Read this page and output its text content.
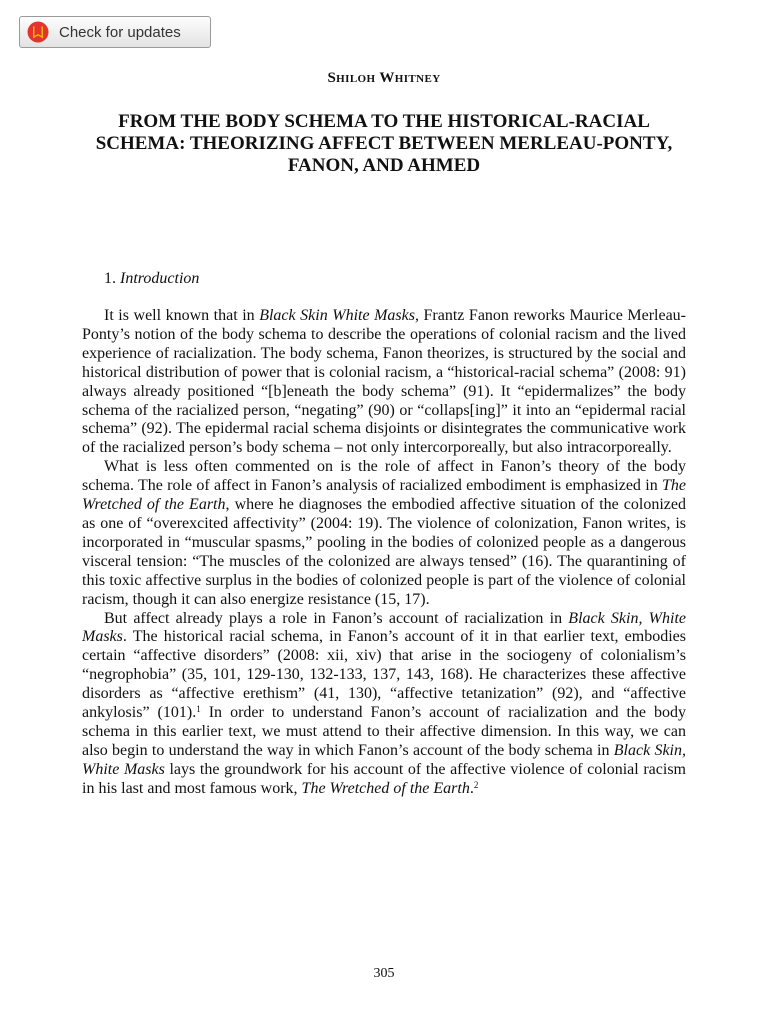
Check for updates
Shiloh Whitney
FROM THE BODY SCHEMA TO THE HISTORICAL-RACIAL SCHEMA: THEORIZING AFFECT BETWEEN MERLEAU-PONTY, FANON, AND AHMED
1. Introduction

It is well known that in Black Skin White Masks, Frantz Fanon reworks Maurice Merleau-Ponty’s notion of the body schema to describe the operations of colonial racism and the lived experience of racialization. The body schema, Fanon theorizes, is structured by the social and historical distribution of power that is colonial racism, a “historical-racial schema” (2008: 91) always already positioned “[b]eneath the body schema” (91). It “epidermalizes” the body schema of the racialized person, “negating” (90) or “collaps[ing]” it into an “epidermal racial schema” (92). The epidermal racial schema disjoints or disintegrates the communicative work of the racialized person’s body schema – not only intercorporeally, but also intracorporeally.

What is less often commented on is the role of affect in Fanon’s theory of the body schema. The role of affect in Fanon’s analysis of racialized embodiment is emphasized in The Wretched of the Earth, where he diagnoses the embodied affective situation of the colonized as one of “overexcited affectivity” (2004: 19). The violence of colonization, Fanon writes, is incorporated in “muscular spasms,” pooling in the bodies of colonized people as a dangerous visceral tension: “The muscles of the colonized are always tensed” (16). The quarantining of this toxic affective surplus in the bodies of colonized people is part of the violence of colonial racism, though it can also energize resistance (15, 17).

But affect already plays a role in Fanon’s account of racialization in Black Skin, White Masks. The historical racial schema, in Fanon’s account of it in that earlier text, embodies certain “affective disorders” (2008: xii, xiv) that arise in the sociogeny of colonialism’s “negrophobia” (35, 101, 129-130, 132-133, 137, 143, 168). He characterizes these affective disorders as “affective erethism” (41, 130), “affective tetanization” (92), and “affective ankylosis” (101).$^1$ In order to understand Fanon’s account of racialization and the body schema in this earlier text, we must attend to their affective dimension. In this way, we can also begin to understand the way in which Fanon’s account of the body schema in Black Skin, White Masks lays the groundwork for his account of the affective violence of colonial racism in his last and most famous work, The Wretched of the Earth.$^2$

305
